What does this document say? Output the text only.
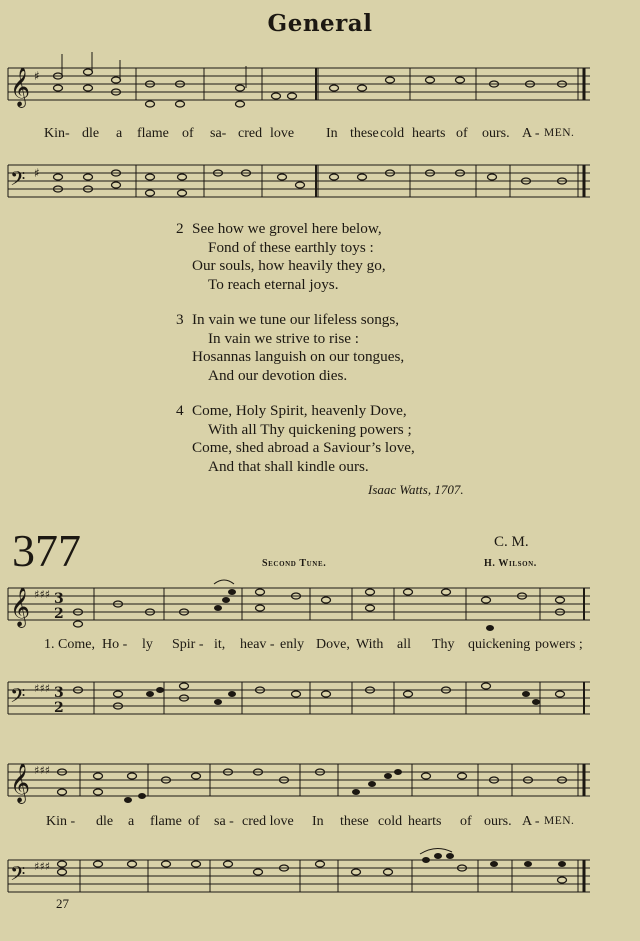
General
𝄞 ♯
Kin- dle a flame of sa- cred love In these cold hearts of ours. A - MEN.
𝄢 ♯
2 See how we grovel here below,
Fond of these earthly toys :
Our souls, how heavily they go,
To reach eternal joys.
3 In vain we tune our lifeless songs,
In vain we strive to rise :
Hosannas languish on our tongues,
And our devotion dies.
4 Come, Holy Spirit, heavenly Dove,
With all Thy quickening powers ;
Come, shed abroad a Saviour’s love,
And that shall kindle ours.
Isaac Watts, 1707.
377	C. M.
Second Tune.	H. Wilson.
𝄞 ♯♯♯ 3
2
1. Come, Ho - ly Spir - it, heav - enly Dove, With all Thy quickening powers ;
𝄢 ♯♯♯ 3
2
𝄞 ♯♯♯
Kin - dle a flame of sa - cred love In these cold hearts of ours. A - MEN.
𝄢 ♯♯♯
27
